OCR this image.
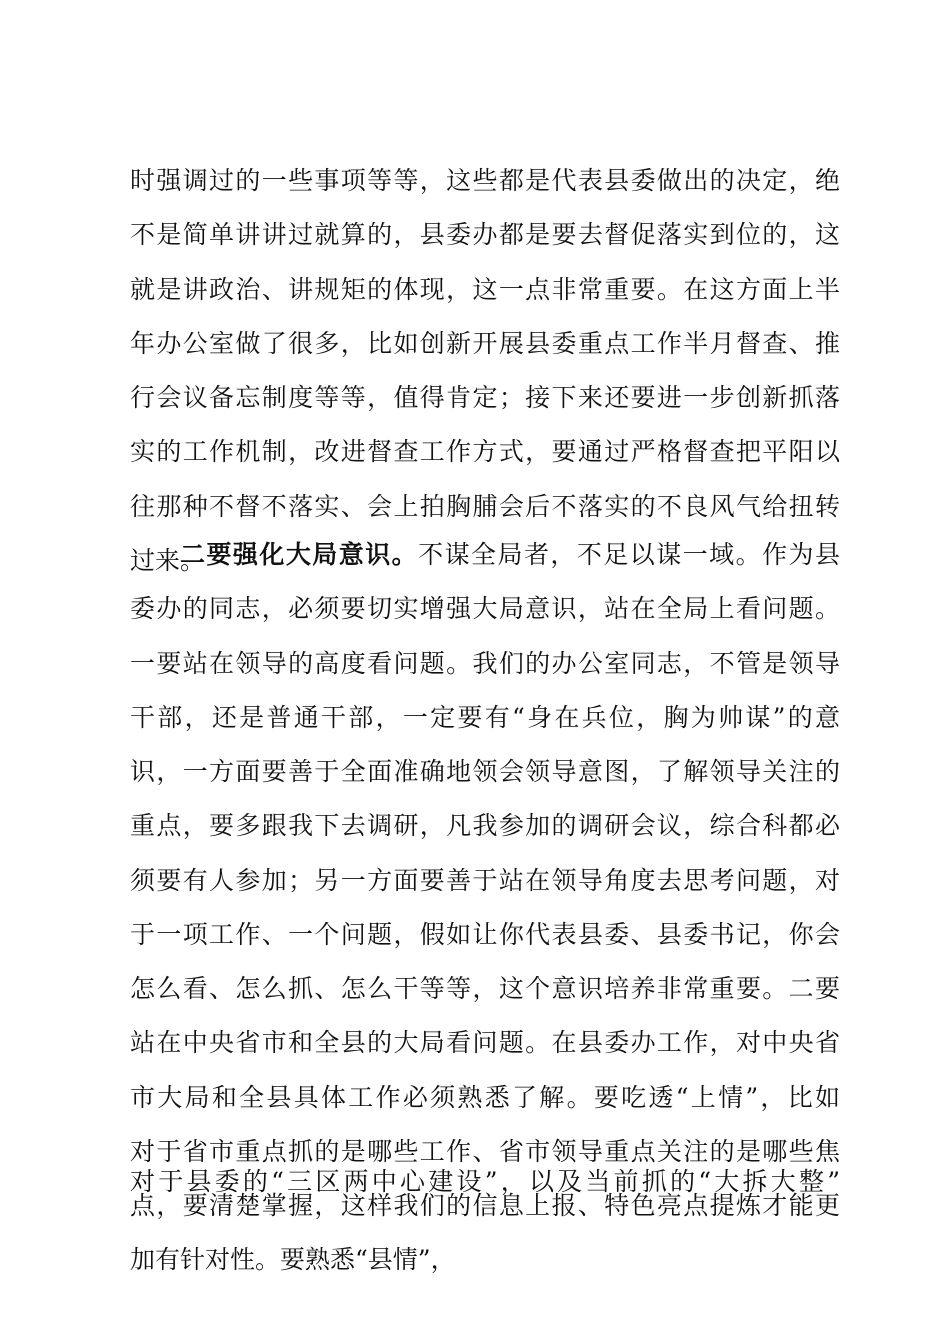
时强调过的一些事项等等，这些都是代表县委做出的决定，绝
不是简单讲讲过就算的，县委办都是要去督促落实到位的，这
就是讲政治、讲规矩的体现，这一点非常重要。在这方面上半
年办公室做了很多，比如创新开展县委重点工作半月督查、推
行会议备忘制度等等，值得肯定；接下来还要进一步创新抓落
实的工作机制，改进督查工作方式，要通过严格督查把平阳以
往那种不督不落实、会上拍胸脯会后不落实的不良风气给扭转
过来。
二要强化大局意识。不谋全局者，不足以谋一域。作为县
委办的同志，必须要切实增强大局意识，站在全局上看问题。
一要站在领导的高度看问题。我们的办公室同志，不管是领导
干部，还是普通干部，一定要有“身在兵位，胸为帅谋”的意
识，一方面要善于全面准确地领会领导意图，了解领导关注的
重点，要多跟我下去调研，凡我参加的调研会议，综合科都必
须要有人参加；另一方面要善于站在领导角度去思考问题，对
于一项工作、一个问题，假如让你代表县委、县委书记，你会
怎么看、怎么抓、怎么干等等，这个意识培养非常重要。二要
站在中央省市和全县的大局看问题。在县委办工作，对中央省
市大局和全县具体工作必须熟悉了解。要吃透“上情”，比如
对于省市重点抓的是哪些工作、省市领导重点关注的是哪些焦
点，要清楚掌握，这样我们的信息上报、特色亮点提炼才能更
加有针对性。要熟悉“县情”，
对于县委的“三区两中心建设”，以及当前抓的“大拆大整”
